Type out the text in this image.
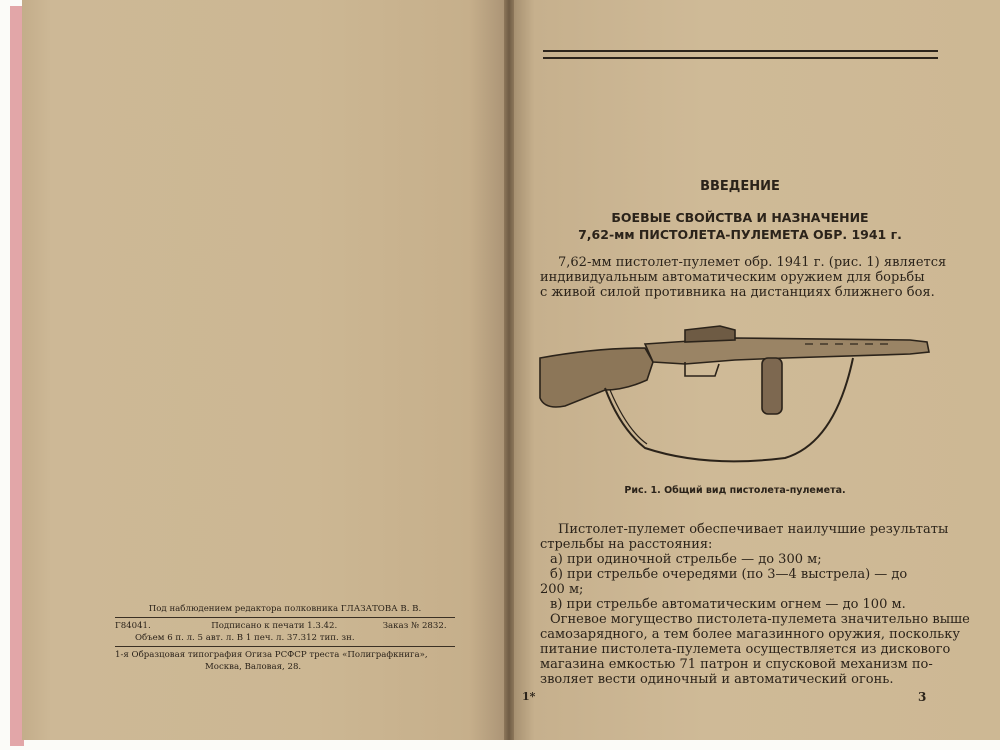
Под наблюдением редактора полковника ГЛАЗАТОВА В. В.
Г84041.	Подписано к печати 1.3.42.	Заказ № 2832.
Объем 6 п. л. 5 авт. л. В 1 печ. л. 37.312 тип. зн.
1-я Образцовая типография Огиза РСФСР треста «Полиграфкнига»,
Москва, Валовая, 28.
ВВЕДЕНИЕ
БОЕВЫЕ СВОЙСТВА И НАЗНАЧЕНИЕ
7,62-мм ПИСТОЛЕТА-ПУЛЕМЕТА ОБР. 1941 г.
7,62-мм пистолет-пулемет обр. 1941 г. (рис. 1) является
индивидуальным автоматическим оружием для борьбы
с живой силой противника на дистанциях ближнего боя.
Рис. 1. Общий вид пистолета-пулемета.
Пистолет-пулемет обеспечивает наилучшие результаты
стрельбы на расстояния:
а) при одиночной стрельбе — до 300 м;
б) при стрельбе очередями (по 3—4 выстрела) — до
200 м;
в) при стрельбе автоматическим огнем — до 100 м.
Огневое могущество пистолета-пулемета значительно выше
самозарядного, а тем более магазинного оружия, поскольку
питание пистолета-пулемета осуществляется из дискового
магазина емкостью 71 патрон и спусковой механизм по-
зволяет вести одиночный и автоматический огонь.
1*	3
